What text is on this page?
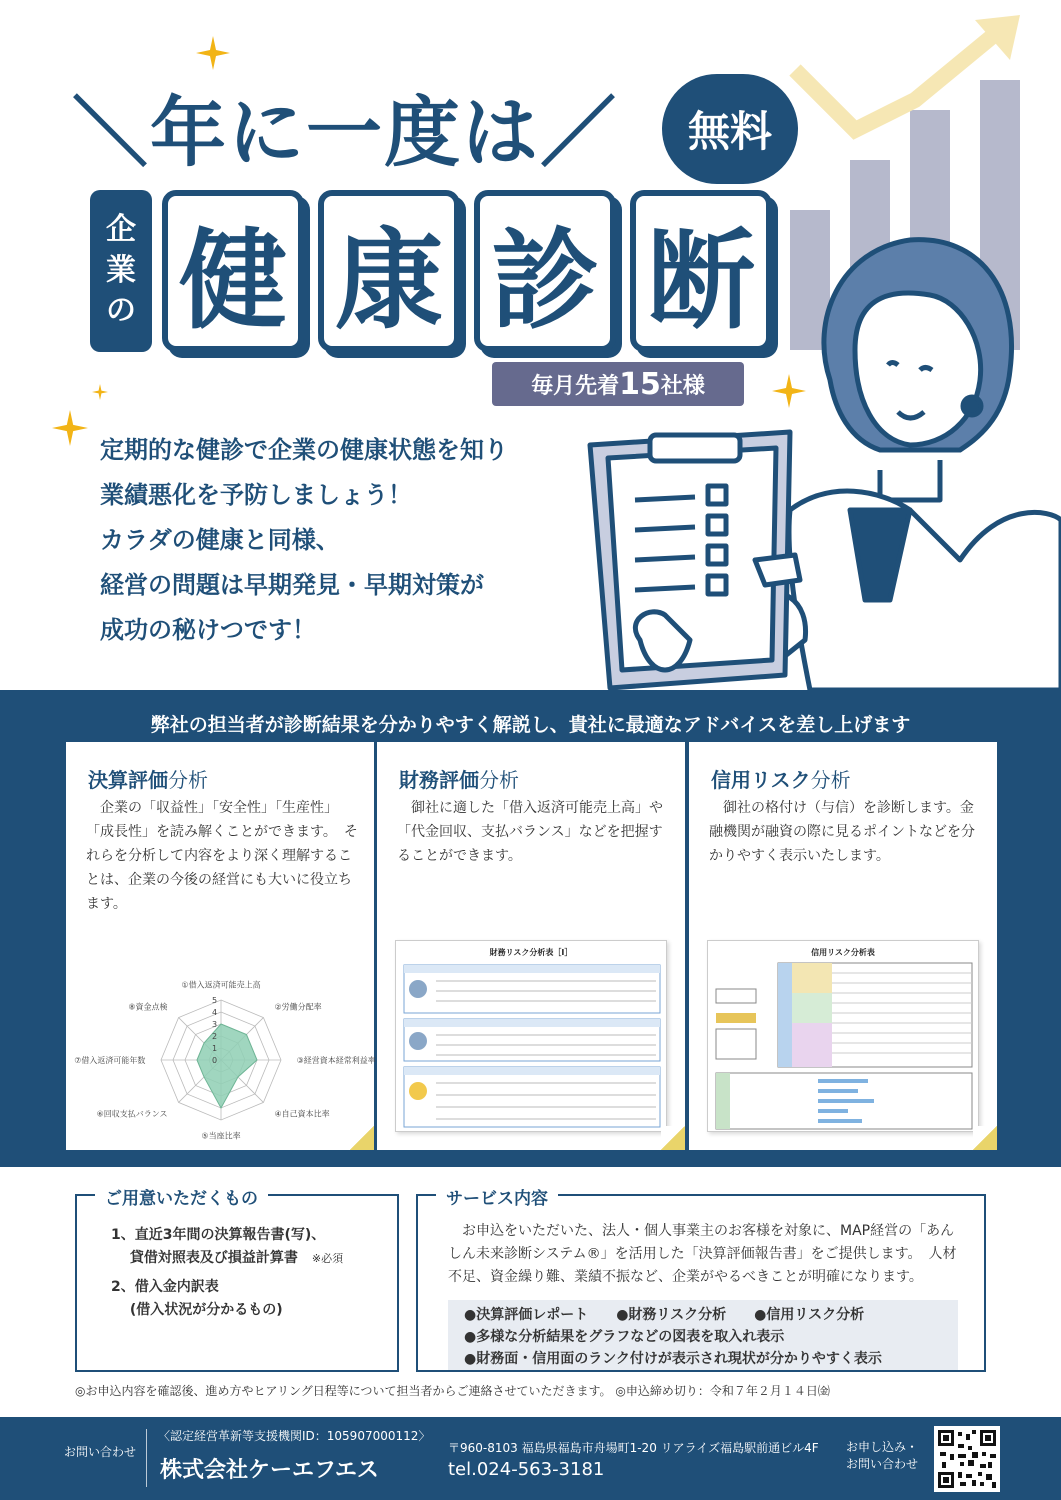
＼年に一度は／	無料
企
業
の 健 康 診 断
毎月先着 15 社様
定期的な健診で企業の健康状態を知り
業績悪化を予防しましょう！
カラダの健康と同様、
経営の問題は早期発見・早期対策が
成功の秘けつです！
弊社の担当者が診断結果を分かりやすく解説し、貴社に最適なアドバイスを差し上げます
決算評価分析
　企業の「収益性」「安全性」「生産性」「成長性」を読み解くことができます。　それらを分析して内容をより深く理解することは、企業の今後の経営にも大いに役立ちます。
0
1
2
3
4
5
①借入返済可能売上高
②労働分配率
③経営資本経常利益率
④自己資本比率
⑤当座比率
⑥回収支払バランス
⑦借入返済可能年数
⑧資金点検
財務評価分析
　御社に適した「借入返済可能売上高」や「代金回収、支払バランス」などを把握することができます。
財務リスク分析表［Ⅰ］
信用リスク分析
　御社の格付け（与信）を診断します。金融機関が融資の際に見るポイントなどを分かりやすく表示いたします。
信用リスク分析表
ご用意いただくもの
1、直近3年間の決算報告書(写)、
　 貸借対照表及び損益計算書　 ※必須
2、借入金内訳表
　 (借入状況が分かるもの)
サービス内容
　お申込をいただいた、法人・個人事業主のお客様を対象に、MAP経営の「あんしん未来診断システム®」を活用した「決算評価報告書」をご提供します。　人材不足、資金繰り難、業績不振など、企業がやるべきことが明確になります。
●決算評価レポート　　●財務リスク分析　　●信用リスク分析
●多様な分析結果をグラフなどの図表を取入れ表示
●財務面・信用面のランク付けが表示され現状が分かりやすく表示
◎お申込内容を確認後、進め方やヒアリング日程等について担当者からご連絡させていただきます。 ◎申込締め切り：令和７年２月１４日㈮
お問い合わせ
〈認定経営革新等支援機関ID：105907000112〉
株式会社ケーエフエス
〒960-8103 福島県福島市舟場町1-20 リアライズ福島駅前通ビル4F
tel.024-563-3181
お申し込み・
お問い合わせ
